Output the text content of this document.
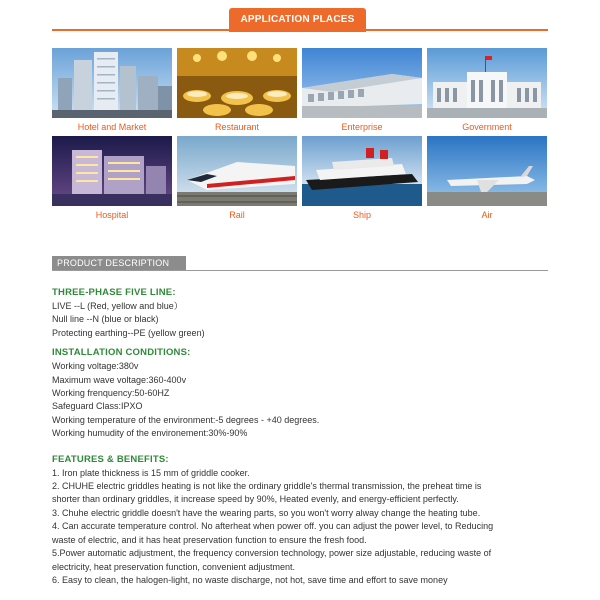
APPLICATION PLACES
Hotel and Market	Restaurant	Enterprise	Government
Hospital	Rail	Ship	Air
PRODUCT DESCRIPTION

THREE-PHASE FIVE LINE:

LIVE --L (Red, yellow and blue）

Null line --N (blue or black)

Protecting earthing--PE (yellow green)

INSTALLATION CONDITIONS:

Working voltage:380v

Maximum wave voltage:360-400v

Working frenquency:50-60HZ

Safeguard Class:IPXO

Working temperature of the environment:-5 degrees - +40 degrees.

Working humudity of the environement:30%-90%

FEATURES & BENEFITS:

1. Iron plate thickness is 15 mm of griddle cooker.

2. CHUHE electric griddles heating is not like the ordinary griddle's thermal transmission, the preheat time is

shorter than ordinary griddles, it increase speed by 90%, Heated evenly, and energy-efficient perfectly.

3. Chuhe electric griddle doesn't have the wearing parts, so you won't worry alway change the heating tube.

4. Can accurate temperature control. No afterheat when power off. you can adjust the power level, to Reducing

waste of electric, and it has heat preservation function to ensure the fresh food.

5.Power automatic adjustment, the frequency conversion technology, power size adjustable, reducing waste of

electricity, heat preservation function, convenient adjustment.

6. Easy to clean, the halogen-light, no waste discharge, not hot, save time and effort to save money
